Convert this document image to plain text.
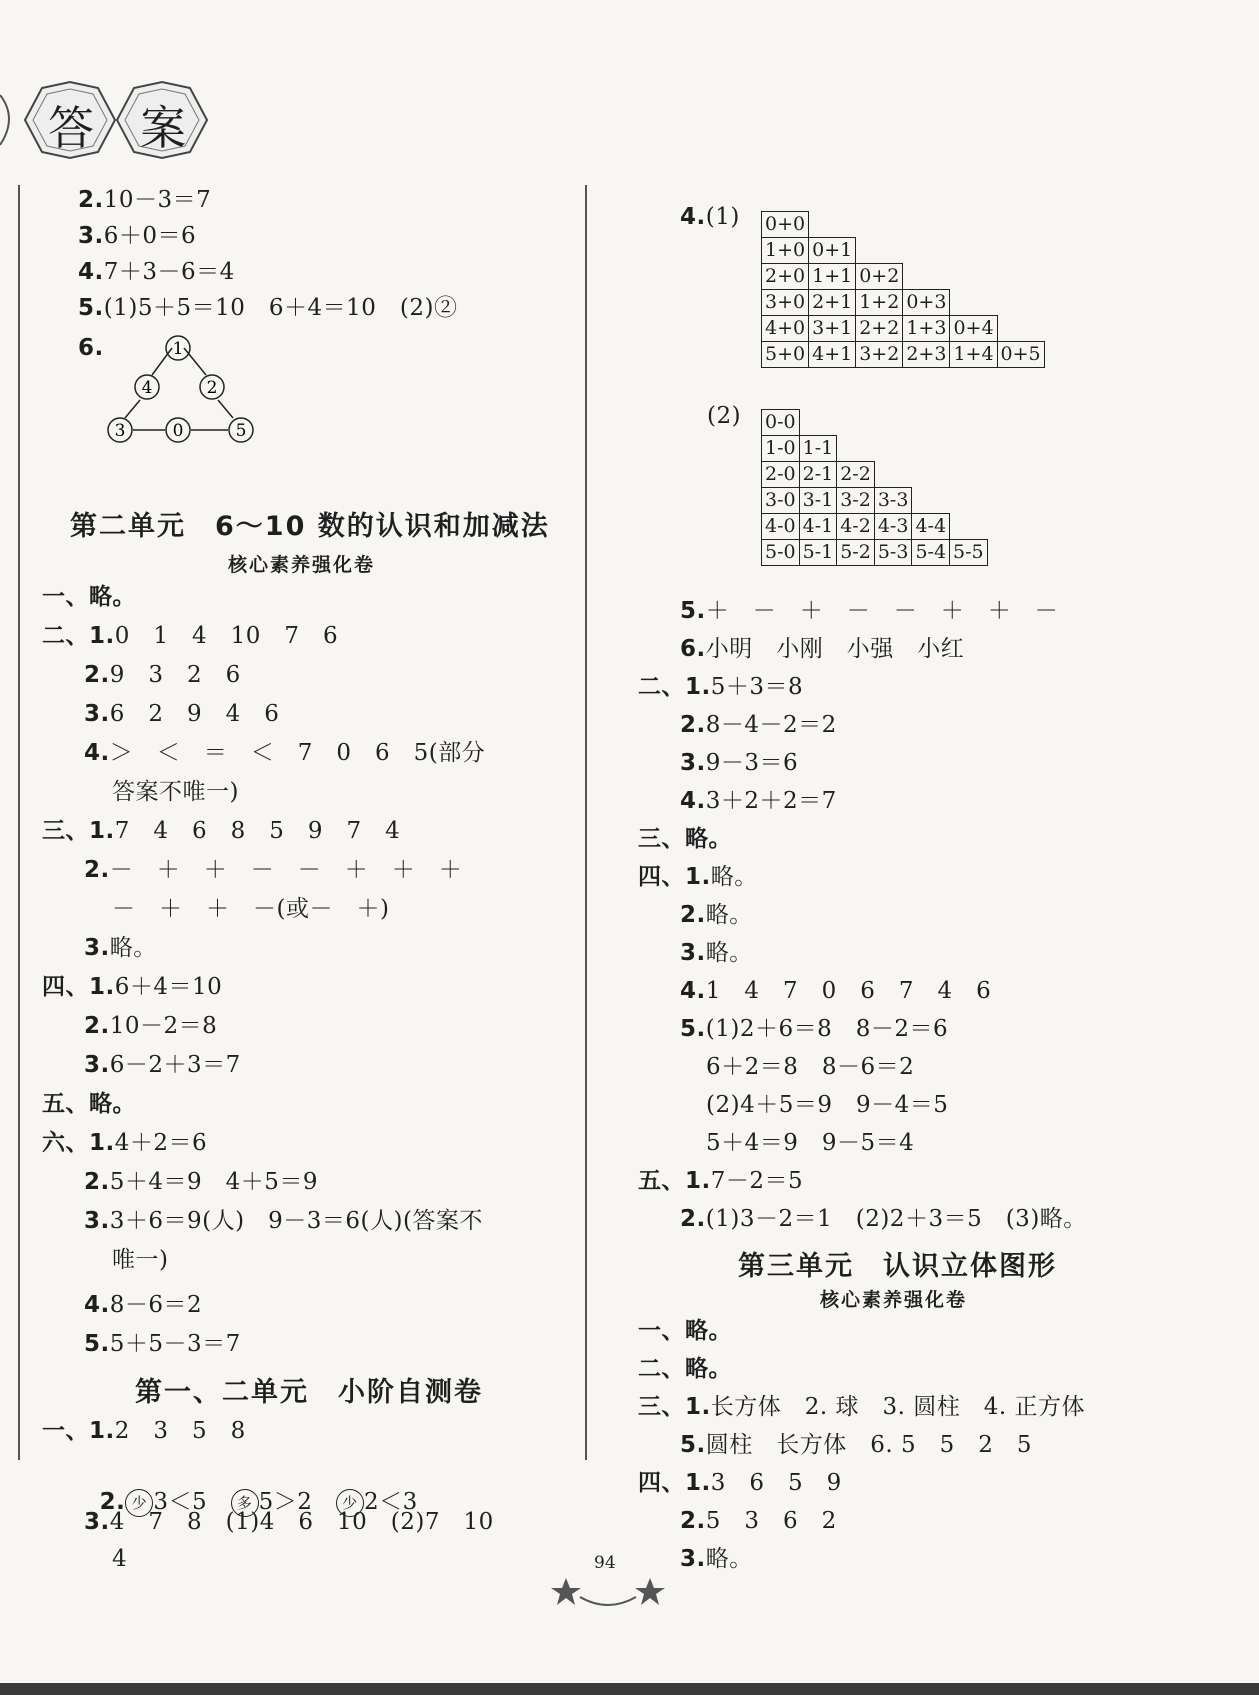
答 案
2.10－3＝7
3.6＋0＝6
4.7＋3－6＝4
5.(1)5＋5＝10　6＋4＝10　(2)②
6.	1
4	2
3	0	5
第二单元　6～10 数的认识和加减法
核心素养强化卷
一、略。
二、1.0　1　4　10　7　6
2.9　3　2　6
3.6　2　9　4　6
4.＞　＜　＝　＜　7　0　6　5(部分
答案不唯一)
三、1.7　4　6　8　5　9　7　4
2.－　＋　＋　－　－　＋　＋　＋
－　＋　＋　－(或－　＋)
3.略。
四、1.6＋4＝10
2.10－2＝8
3.6－2＋3＝7
五、略。
六、1.4＋2＝6
2.5＋4＝9　4＋5＝9
3.3＋6＝9(人)　9－3＝6(人)(答案不
唯一)
4.8－6＝2
5.5＋5－3＝7
第一、二单元　小阶自测卷
一、1.2　3　5　8

2. 少 3＜5　 多 5＞2　 少 2＜3

3.4　7　8　(1)4　6　10　(2)7　10
4
4.(1) 0+0					
1+0	0+1				
2+0	1+1	0+2			
3+0	2+1	1+2	0+3		
4+0	3+1	2+2	1+3	0+4	
5+0	4+1	3+2	2+3	1+4	0+5
(2) 0-0					
1-0	1-1				
2-0	2-1	2-2			
3-0	3-1	3-2	3-3		
4-0	4-1	4-2	4-3	4-4	
5-0	5-1	5-2	5-3	5-4	5-5
5.＋　－　＋　－　－　＋　＋　－
6.小明　小刚　小强　小红
二、1.5＋3＝8
2.8－4－2＝2
3.9－3＝6
4.3＋2＋2＝7
三、略。
四、1.略。
2.略。
3.略。
4.1　4　7　0　6　7　4　6
5.(1)2＋6＝8　8－2＝6
6＋2＝8　8－6＝2
(2)4＋5＝9　9－4＝5
5＋4＝9　9－5＝4
五、1.7－2＝5
2.(1)3－2＝1　(2)2＋3＝5　(3)略。
第三单元　认识立体图形
核心素养强化卷
一、略。
二、略。
三、1.长方体　2. 球　3. 圆柱　4. 正方体
5.圆柱　长方体　6. 5　5　2　5
四、1.3　6　5　9
2.5　3　6　2
3.略。
94
